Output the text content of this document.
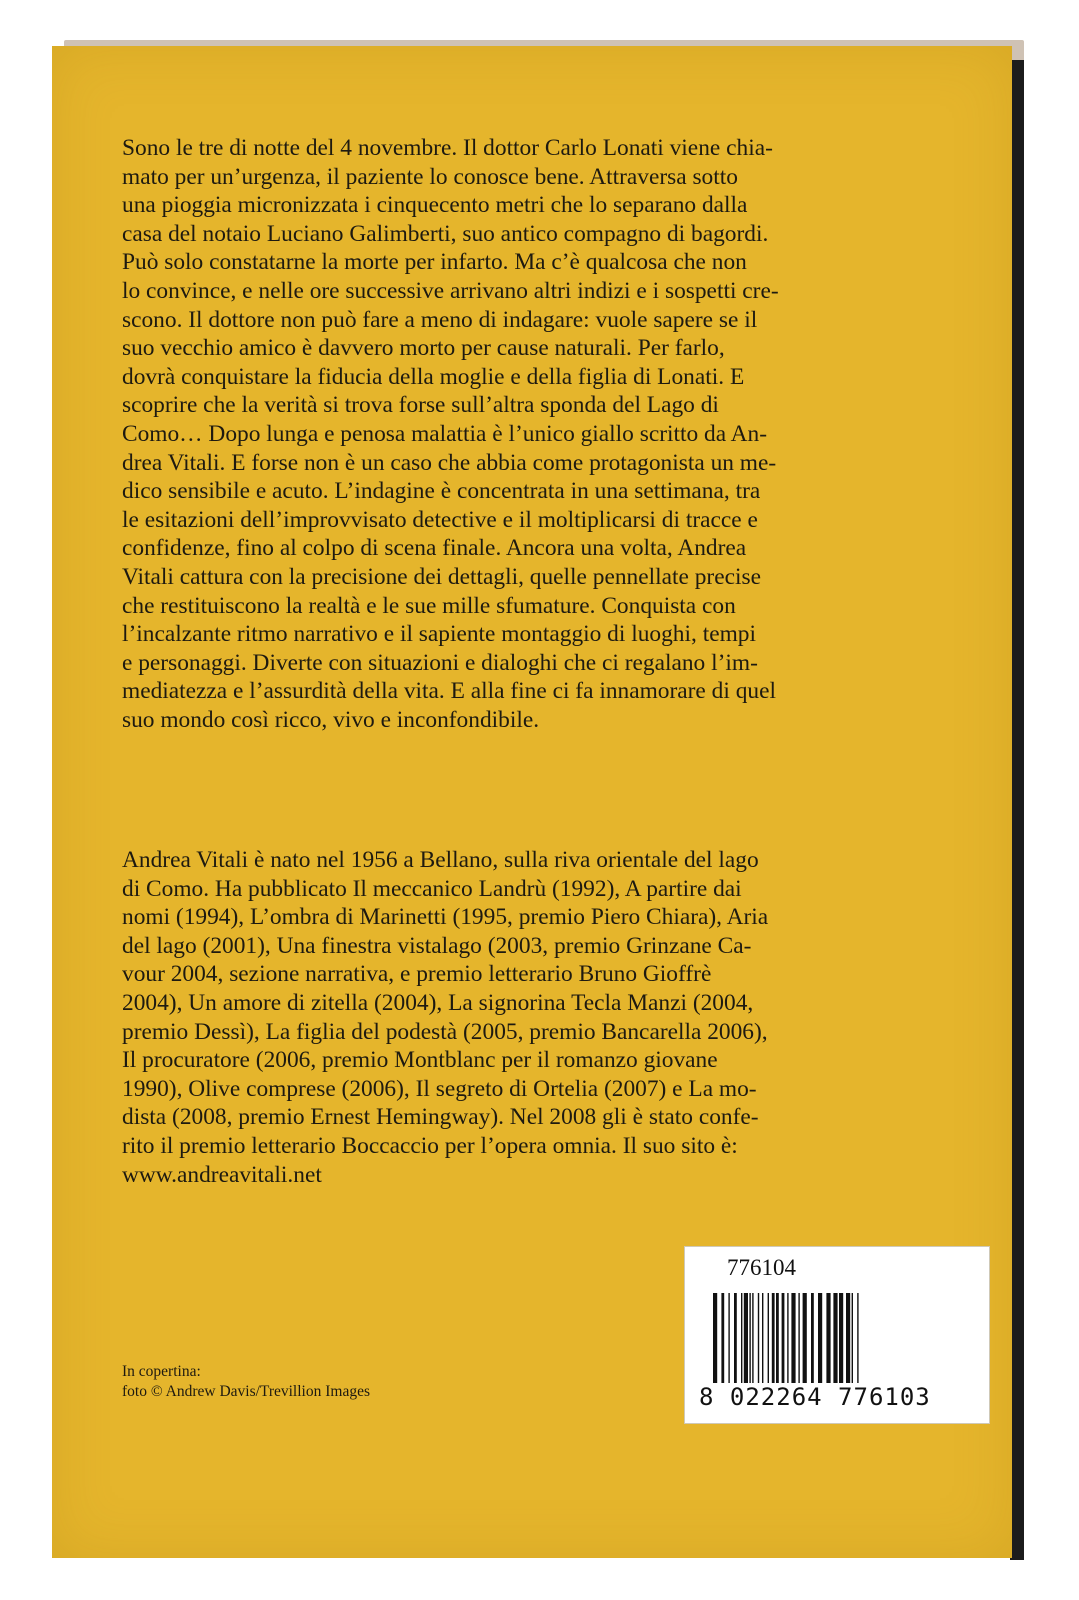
Sono le tre di notte del 4 novembre. Il dottor Carlo Lonati viene chia-
mato per un’urgenza, il paziente lo conosce bene. Attraversa sotto
una pioggia micronizzata i cinquecento metri che lo separano dalla
casa del notaio Luciano Galimberti, suo antico compagno di bagordi.
Può solo constatarne la morte per infarto. Ma c’è qualcosa che non
lo convince, e nelle ore successive arrivano altri indizi e i sospetti cre-
scono. Il dottore non può fare a meno di indagare: vuole sapere se il
suo vecchio amico è davvero morto per cause naturali. Per farlo,
dovrà conquistare la fiducia della moglie e della figlia di Lonati. E
scoprire che la verità si trova forse sull’altra sponda del Lago di
Como… Dopo lunga e penosa malattia è l’unico giallo scritto da An-
drea Vitali. E forse non è un caso che abbia come protagonista un me-
dico sensibile e acuto. L’indagine è concentrata in una settimana, tra
le esitazioni dell’improvvisato detective e il moltiplicarsi di tracce e
confidenze, fino al colpo di scena finale. Ancora una volta, Andrea
Vitali cattura con la precisione dei dettagli, quelle pennellate precise
che restituiscono la realtà e le sue mille sfumature. Conquista con
l’incalzante ritmo narrativo e il sapiente montaggio di luoghi, tempi
e personaggi. Diverte con situazioni e dialoghi che ci regalano l’im-
mediatezza e l’assurdità della vita. E alla fine ci fa innamorare di quel
suo mondo così ricco, vivo e inconfondibile.

Andrea Vitali è nato nel 1956 a Bellano, sulla riva orientale del lago
di Como. Ha pubblicato Il meccanico Landrù (1992), A partire dai
nomi (1994), L’ombra di Marinetti (1995, premio Piero Chiara), Aria
del lago (2001), Una finestra vistalago (2003, premio Grinzane Ca-
vour 2004, sezione narrativa, e premio letterario Bruno Gioffrè
2004), Un amore di zitella (2004), La signorina Tecla Manzi (2004,
premio Dessì), La figlia del podestà (2005, premio Bancarella 2006),
Il procuratore (2006, premio Montblanc per il romanzo giovane
1990), Olive comprese (2006), Il segreto di Ortelia (2007) e La mo-
dista (2008, premio Ernest Hemingway). Nel 2008 gli è stato confe-
rito il premio letterario Boccaccio per l’opera omnia. Il suo sito è:
www.andreavitali.net

In copertina:
foto © Andrew Davis/Trevillion Images

776104
8 022264 776103
